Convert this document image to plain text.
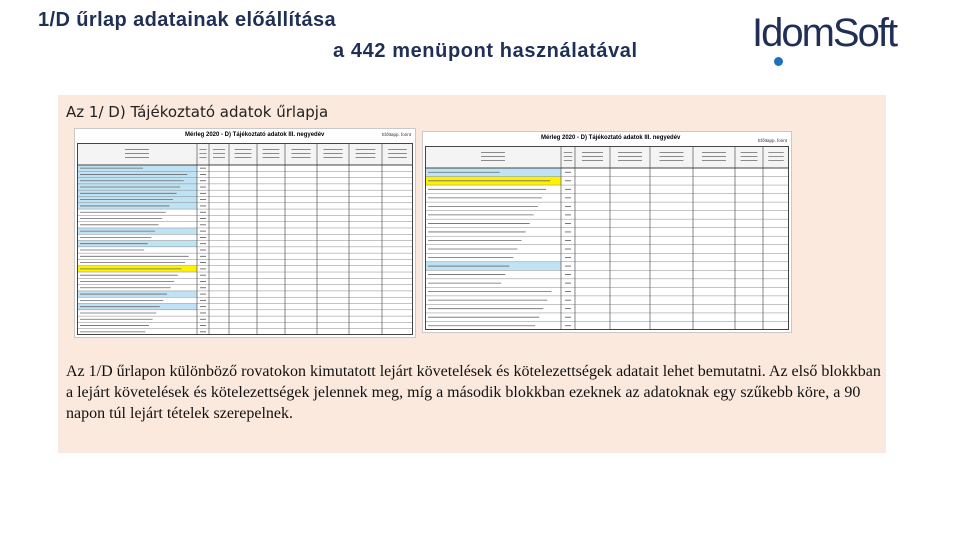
1/D űrlap adatainak előállítása
a 442 menüpont használatával	IdomSoft
Az 1/ D) Tájékoztató adatok űrlapja
Mérleg 2020 - D) Tájékoztató adatok III. negyedév	Előttapp. forint
Mérleg 2020 - D) Tájékoztató adatok III. negyedév	Előttapp. forint
Az 1/D űrlapon különböző rovatokon kimutatott lejárt követelések és kötelezettségek adatait lehet bemutatni. Az első blokkban a lejárt követelések és kötelezettségek jelennek meg, míg a második blokkban ezeknek az adatoknak egy szűkebb köre, a 90 napon túl lejárt tételek szerepelnek.
